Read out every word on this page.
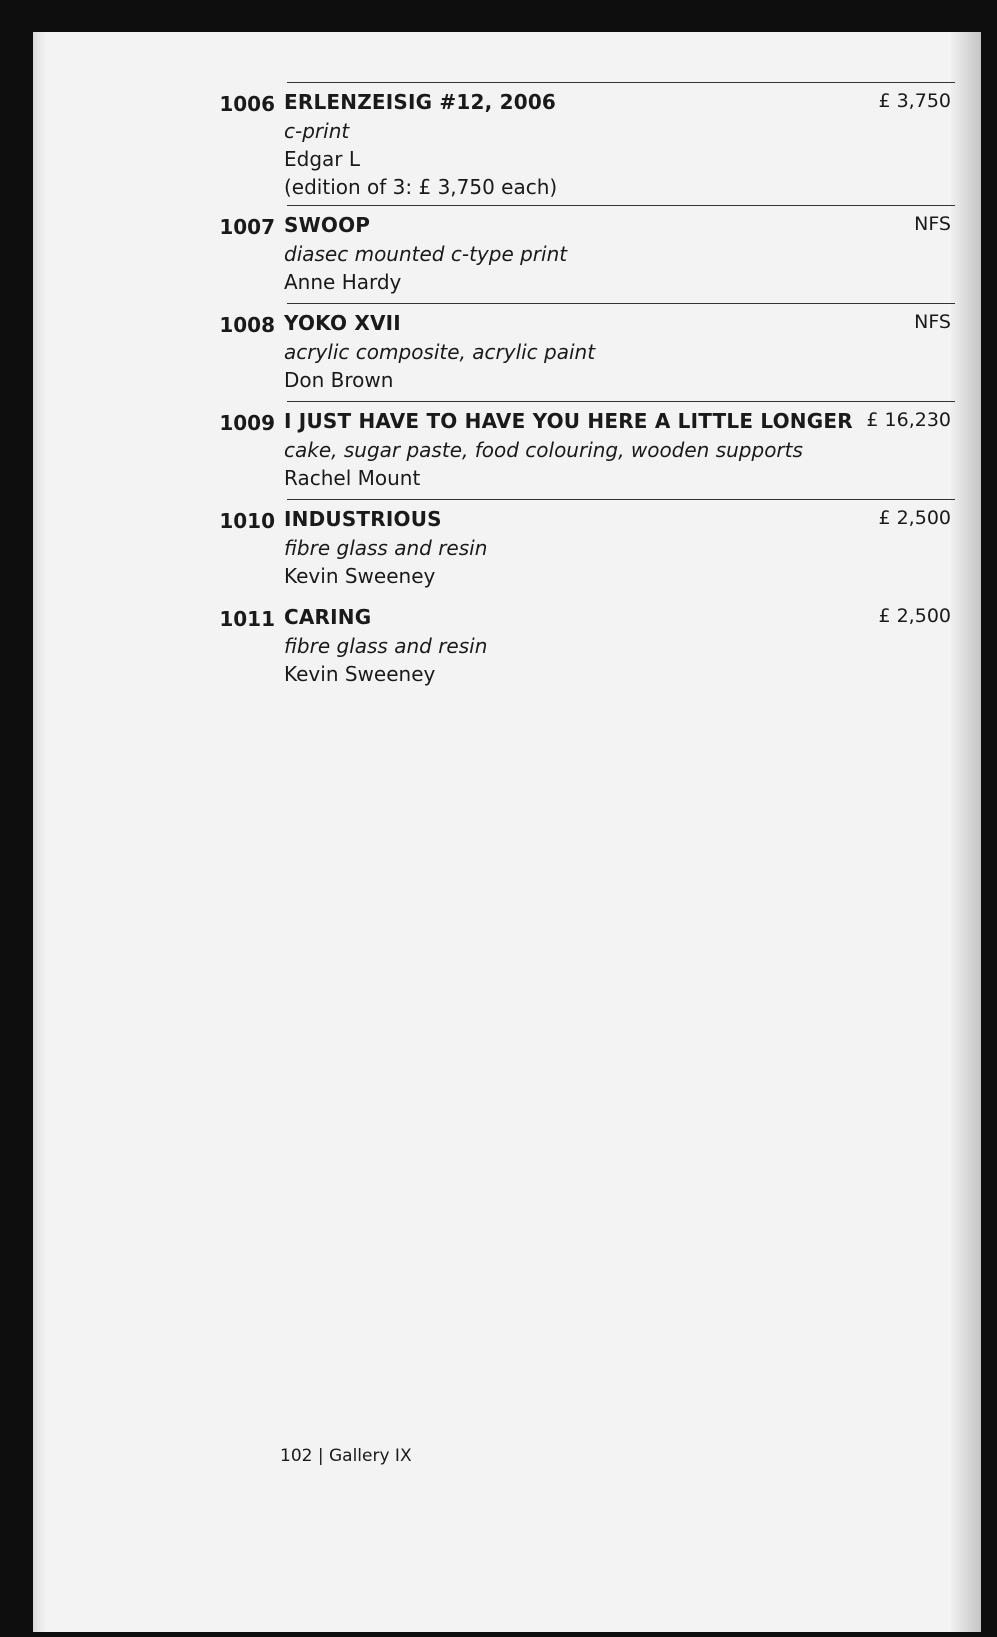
1006 ERLENZEISIG #12, 2006	£ 3,750
c-print
Edgar L
(edition of 3: £ 3,750 each)
1007 SWOOP	NFS
diasec mounted c-type print
Anne Hardy
1008 YOKO XVII	NFS
acrylic composite, acrylic paint
Don Brown
1009 I JUST HAVE TO HAVE YOU HERE A LITTLE LONGER £ 16,230
cake, sugar paste, food colouring, wooden supports
Rachel Mount
1010 INDUSTRIOUS	£ 2,500
fibre glass and resin
Kevin Sweeney
1011 CARING	£ 2,500
fibre glass and resin
Kevin Sweeney
102 | Gallery IX
